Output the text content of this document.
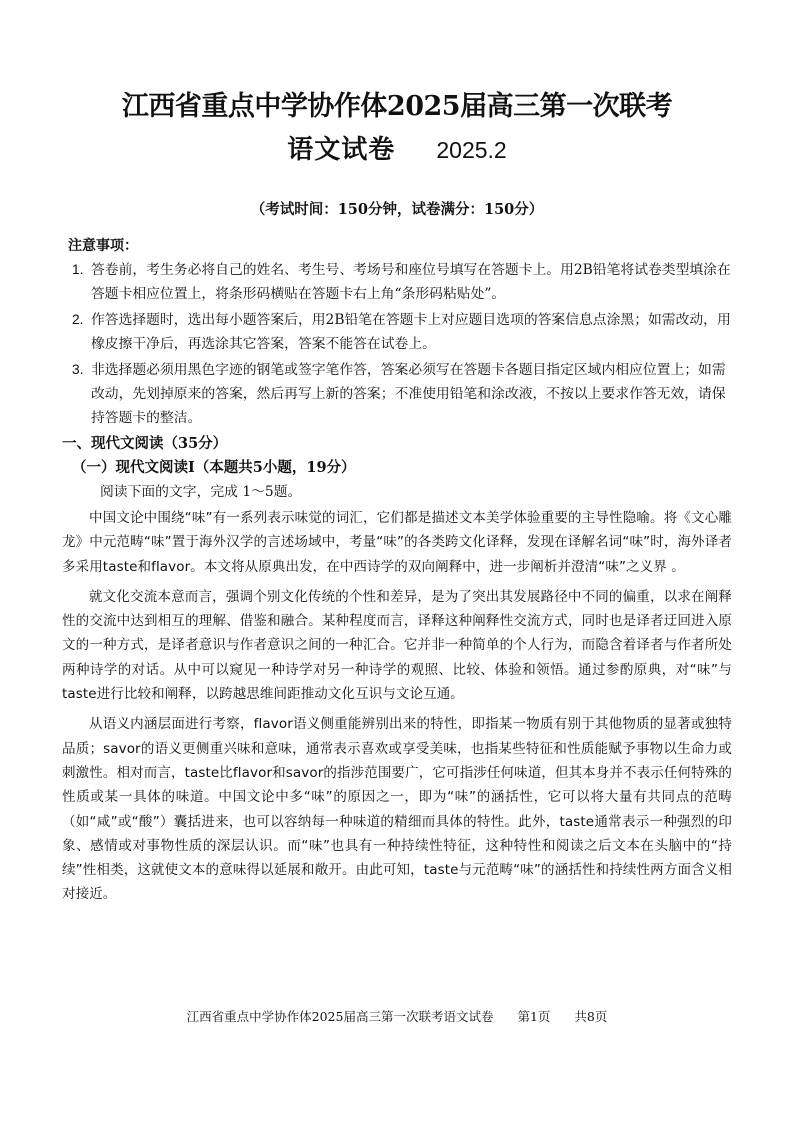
江西省重点中学协作体2025届高三第一次联考
语文试卷 2025.2
（考试时间：150分钟，试卷满分：150分）
注意事项：
1. 答卷前，考生务必将自己的姓名、考生号、考场号和座位号填写在答题卡上。用2B铅笔将试卷类型填涂在答题卡相应位置上，将条形码横贴在答题卡右上角“条形码粘贴处”。
2. 作答选择题时，选出每小题答案后，用2B铅笔在答题卡上对应题目选项的答案信息点涂黑；如需改动，用橡皮擦干净后，再选涂其它答案，答案不能答在试卷上。
3. 非选择题必须用黑色字迹的钢笔或签字笔作答，答案必须写在答题卡各题目指定区域内相应位置上；如需改动，先划掉原来的答案，然后再写上新的答案；不准使用铅笔和涂改液，不按以上要求作答无效，请保持答题卡的整洁。
一、现代文阅读（35分）
（一）现代文阅读Ⅰ（本题共5小题，19分）
阅读下面的文字，完成 1～5题。

中国文论中围绕“味”有一系列表示味觉的词汇，它们都是描述文本美学体验重要的主导性隐喻。将《文心雕龙》中元范畴“味”置于海外汉学的言述场域中，考量“味”的各类跨文化译释，发现在译解名词“味”时，海外译者多采用taste和flavor。本文将从原典出发，在中西诗学的双向阐释中，进一步阐析并澄清“味”之义界 。

就文化交流本意而言，强调个别文化传统的个性和差异，是为了突出其发展路径中不同的偏重，以求在阐释性的交流中达到相互的理解、借鉴和融合。某种程度而言，译释这种阐释性交流方式，同时也是译者迂回进入原文的一种方式，是译者意识与作者意识之间的一种汇合。它并非一种简单的个人行为，而隐含着译者与作者所处两种诗学的对话。从中可以窥见一种诗学对另一种诗学的观照、比较、体验和领悟。通过参酌原典，对“味”与taste进行比较和阐释，以跨越思维间距推动文化互识与文论互通。

从语义内涵层面进行考察，flavor语义侧重能辨别出来的特性，即指某一物质有别于其他物质的显著或独特品质；savor的语义更侧重兴味和意味，通常表示喜欢或享受美味，也指某些特征和性质能赋予事物以生命力或刺激性。相对而言，taste比flavor和savor的指涉范围要广，它可指涉任何味道，但其本身并不表示任何特殊的性质或某一具体的味道。中国文论中多“味”的原因之一，即为“味”的涵括性，它可以将大量有共同点的范畴（如“咸”或“酸”）囊括进来，也可以容纳每一种味道的精细而具体的特性。此外，taste通常表示一种强烈的印象、感情或对事物性质的深层认识。而“味”也具有一种持续性特征，这种特性和阅读之后文本在头脑中的“持续”性相类，这就使文本的意味得以延展和敞开。由此可知，taste与元范畴“味”的涵括性和持续性两方面含义相对接近。

江西省重点中学协作体2025届高三第一次联考语文试卷 第1页 共8页
